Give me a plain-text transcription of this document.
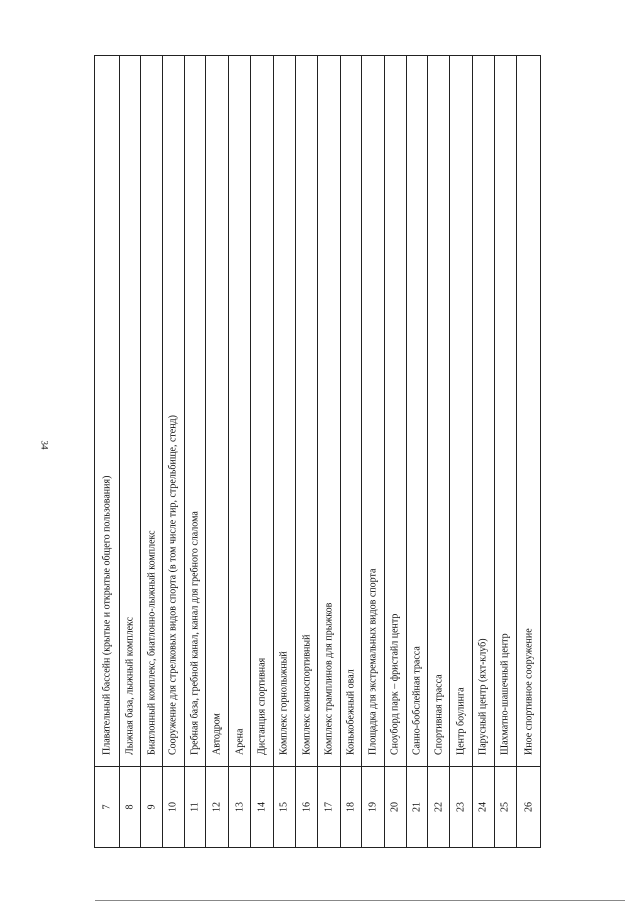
34
Плавательный бассейн (крытые и открытые общего пользования)
7
Лыжная база, лыжный комплекс
8
Биатлонный комплекс, биатлонно-лыжный комплекс
9
Сооружение для стрелковых видов спорта (в том числе тир, стрельбище, стенд)
10
Гребная база, гребной канал, канал для гребного слалома
11
Автодром
12
Арена
13
Дистанция спортивная
14
Комплекс горнолыжный
15
Комплекс конноспортивный
16
Комплекс трамплинов для прыжков
17
Конькобежный овал
18
Площадка для экстремальных видов спорта
19
Сноуборд парк – фристайл центр
20
Санно-бобслейная трасса
21
Спортивная трасса
22
Центр боулинга
23
Парусный центр (яхт-клуб)
24
Шахматно-шашечный центр
25
Иное спортивное сооружение
26
